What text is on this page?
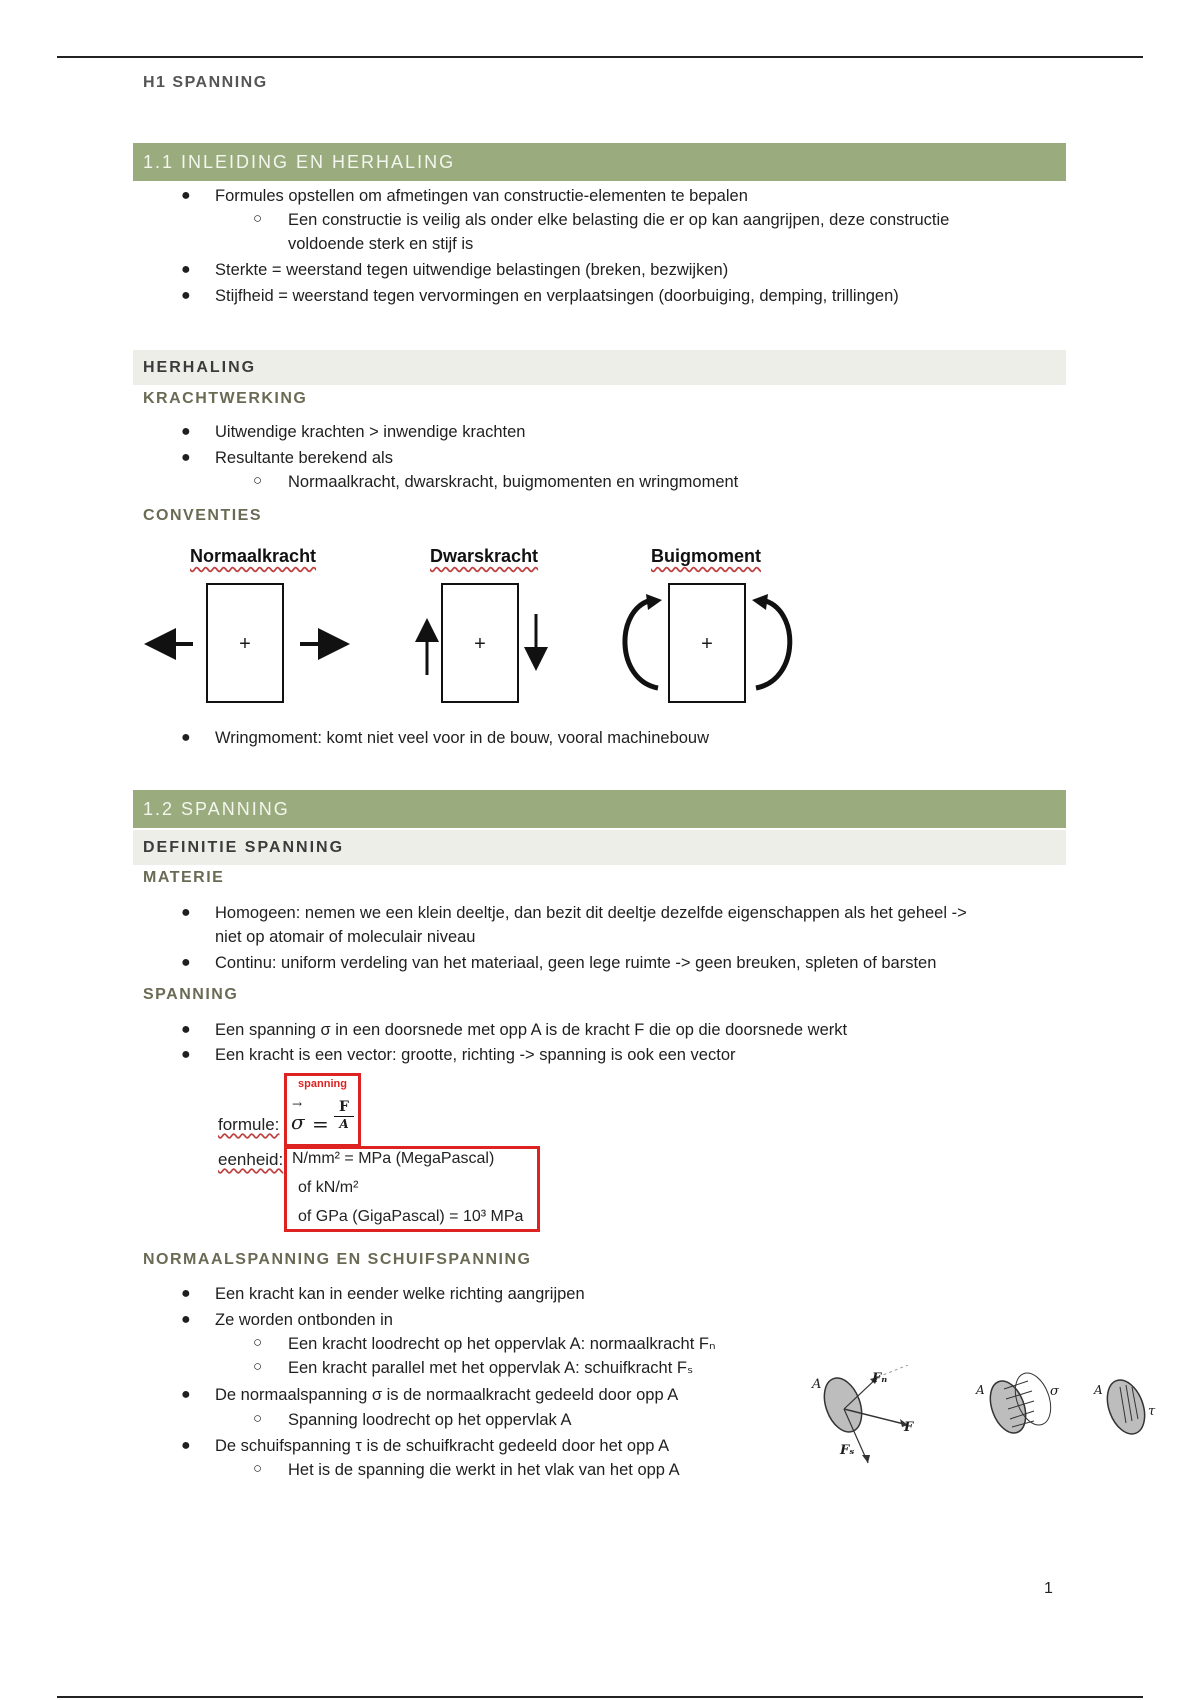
H1 SPANNING
1.1 INLEIDING EN HERHALING
● Formules opstellen om afmetingen van constructie-elementen te bepalen
○ Een constructie is veilig als onder elke belasting die er op kan aangrijpen, deze constructie
voldoende sterk en stijf is
● Sterkte = weerstand tegen uitwendige belastingen (breken, bezwijken)
● Stijfheid = weerstand tegen vervormingen en verplaatsingen (doorbuiging, demping, trillingen)
HERHALING
KRACHTWERKING
● Uitwendige krachten > inwendige krachten
● Resultante berekend als
○ Normaalkracht, dwarskracht, buigmomenten en wringmoment
CONVENTIES
Normaalkracht	Dwarskracht	Buigmoment
+	+	+
● Wringmoment: komt niet veel voor in de bouw, vooral machinebouw
1.2 SPANNING
DEFINITIE SPANNING
MATERIE
● Homogeen: nemen we een klein deeltje, dan bezit dit deeltje dezelfde eigenschappen als het geheel ->
niet op atomair of moleculair niveau
● Continu: uniform verdeling van het materiaal, geen lege ruimte -> geen breuken, spleten of barsten
SPANNING
● Een spanning σ in een doorsnede met opp A is de kracht F die op die doorsnede werkt
● Een kracht is een vector: grootte, richting -> spanning is ook een vector
spanning
σ
→
= $\frac{F}{A}$
formule:
eenheid: N/mm² = MPa (MegaPascal)
of kN/m²
of GPa (GigaPascal) = 10³ MPa
NORMAALSPANNING EN SCHUIFSPANNING
● Een kracht kan in eender welke richting aangrijpen
● Ze worden ontbonden in
○ Een kracht loodrecht op het oppervlak A: normaalkracht Fₙ
○ Een kracht parallel met het oppervlak A: schuifkracht Fₛ
● De normaalspanning σ is de normaalkracht gedeeld door opp A
○ Spanning loodrecht op het oppervlak A
● De schuifspanning τ is de schuifkracht gedeeld door het opp A
○ Het is de spanning die werkt in het vlak van het opp A
A	Fₙ
F
Fₛ
A	σ	A
τ
1
